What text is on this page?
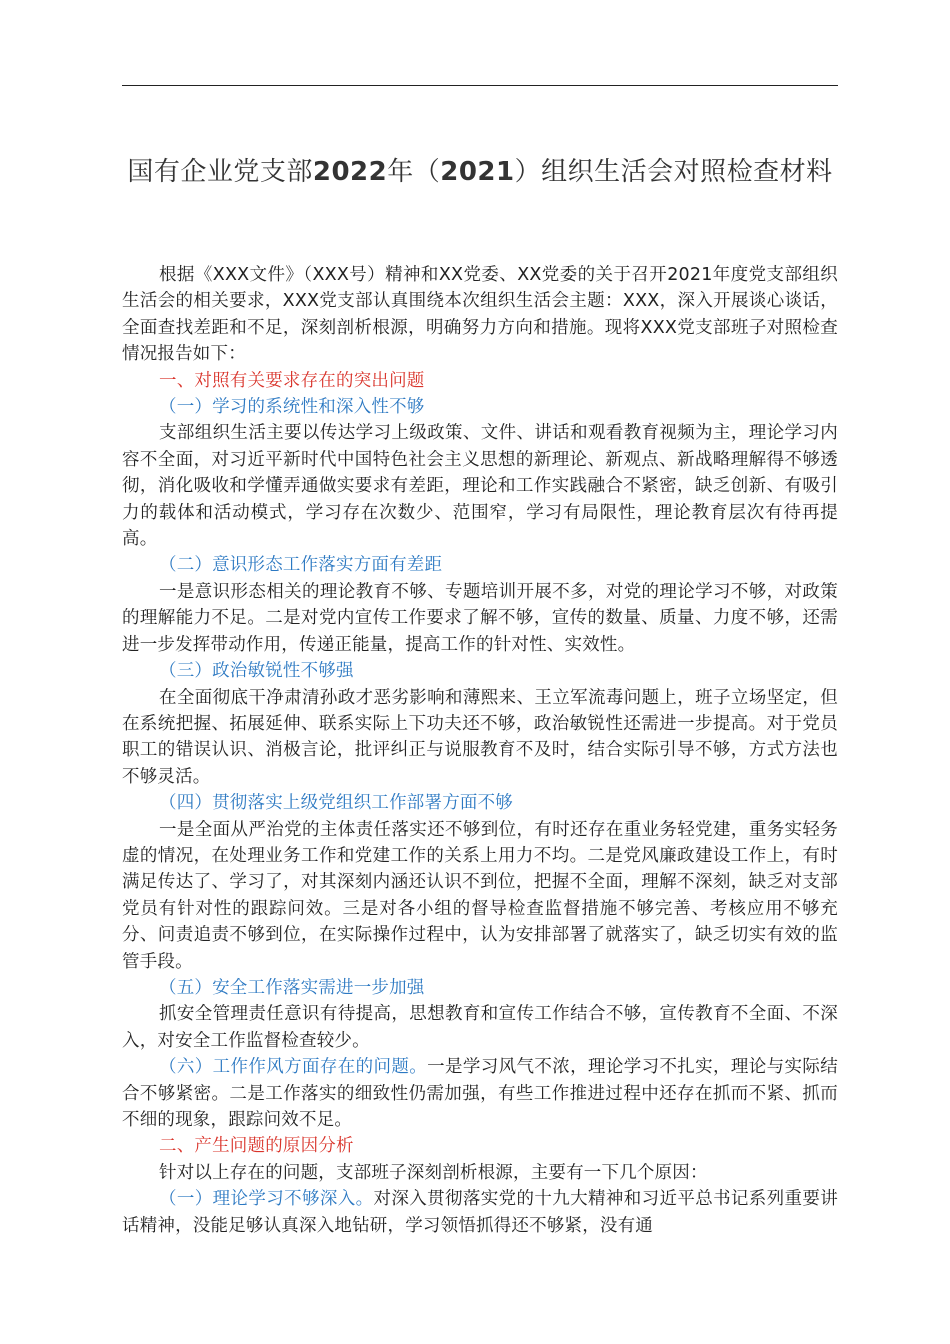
国有企业党支部2022年（2021）组织生活会对照检查材料

根据《XXX文件》（XXX号）精神和XX党委、XX党委的关于召开2021年度党支部组织生活会的相关要求，XXX党支部认真围绕本次组织生活会主题：XXX，深入开展谈心谈话，全面查找差距和不足，深刻剖析根源，明确努力方向和措施。现将XXX党支部班子对照检查情况报告如下：

一、对照有关要求存在的突出问题

（一）学习的系统性和深入性不够

支部组织生活主要以传达学习上级政策、文件、讲话和观看教育视频为主，理论学习内容不全面，对习近平新时代中国特色社会主义思想的新理论、新观点、新战略理解得不够透彻，消化吸收和学懂弄通做实要求有差距，理论和工作实践融合不紧密，缺乏创新、有吸引力的载体和活动模式，学习存在次数少、范围窄，学习有局限性，理论教育层次有待再提高。

（二）意识形态工作落实方面有差距

一是意识形态相关的理论教育不够、专题培训开展不多，对党的理论学习不够，对政策的理解能力不足。二是对党内宣传工作要求了解不够，宣传的数量、质量、力度不够，还需进一步发挥带动作用，传递正能量，提高工作的针对性、实效性。

（三）政治敏锐性不够强

在全面彻底干净肃清孙政才恶劣影响和薄熙来、王立军流毒问题上，班子立场坚定，但在系统把握、拓展延伸、联系实际上下功夫还不够，政治敏锐性还需进一步提高。对于党员职工的错误认识、消极言论，批评纠正与说服教育不及时，结合实际引导不够，方式方法也不够灵活。

（四）贯彻落实上级党组织工作部署方面不够

一是全面从严治党的主体责任落实还不够到位，有时还存在重业务轻党建，重务实轻务虚的情况，在处理业务工作和党建工作的关系上用力不均。二是党风廉政建设工作上，有时满足传达了、学习了，对其深刻内涵还认识不到位，把握不全面，理解不深刻，缺乏对支部党员有针对性的跟踪问效。三是对各小组的督导检查监督措施不够完善、考核应用不够充分、问责追责不够到位，在实际操作过程中，认为安排部署了就落实了，缺乏切实有效的监管手段。

（五）安全工作落实需进一步加强

抓安全管理责任意识有待提高，思想教育和宣传工作结合不够，宣传教育不全面、不深入，对安全工作监督检查较少。

（六）工作作风方面存在的问题。一是学习风气不浓，理论学习不扎实，理论与实际结合不够紧密。二是工作落实的细致性仍需加强，有些工作推进过程中还存在抓而不紧、抓而不细的现象，跟踪问效不足。

二、产生问题的原因分析

针对以上存在的问题，支部班子深刻剖析根源，主要有一下几个原因：

（一）理论学习不够深入。对深入贯彻落实党的十九大精神和习近平总书记系列重要讲话精神，没能足够认真深入地钻研，学习领悟抓得还不够紧，没有通
